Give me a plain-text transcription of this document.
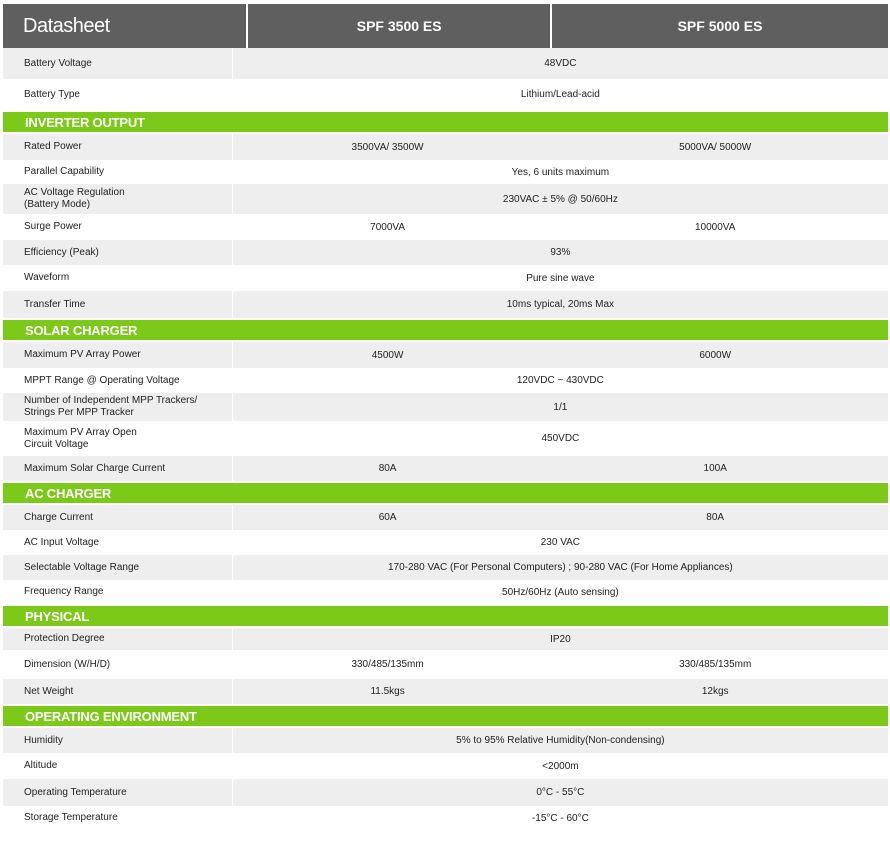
Datasheet	SPF 3500 ES	SPF 5000 ES
Battery Voltage	48VDC
Battery Type	Lithium/Lead-acid
INVERTER OUTPUT
Rated Power	3500VA/ 3500W	5000VA/ 5000W
Parallel Capability	Yes, 6 units maximum
AC Voltage Regulation
(Battery Mode)	230VAC ± 5% @ 50/60Hz
Surge Power	7000VA	10000VA
Efficiency (Peak)	93%
Waveform	Pure sine wave
Transfer Time	10ms typical, 20ms Max
SOLAR CHARGER
Maximum PV Array Power	4500W	6000W
MPPT Range @ Operating Voltage	120VDC ~ 430VDC
Number of Independent MPP Trackers/
Strings Per MPP Tracker	1/1
Maximum PV Array Open
Circuit Voltage	450VDC
Maximum Solar Charge Current	80A	100A
AC CHARGER
Charge Current	60A	80A
AC Input Voltage	230 VAC
Selectable Voltage Range	170-280 VAC (For Personal Computers) ; 90-280 VAC (For Home Appliances)
Frequency Range	50Hz/60Hz (Auto sensing)
PHYSICAL
Protection Degree	IP20
Dimension (W/H/D)	330/485/135mm	330/485/135mm
Net Weight	11.5kgs	12kgs
OPERATING ENVIRONMENT
Humidity	5% to 95% Relative Humidity(Non-condensing)
Altitude	<2000m
Operating Temperature	0°C - 55°C
Storage Temperature	-15°C - 60°C
